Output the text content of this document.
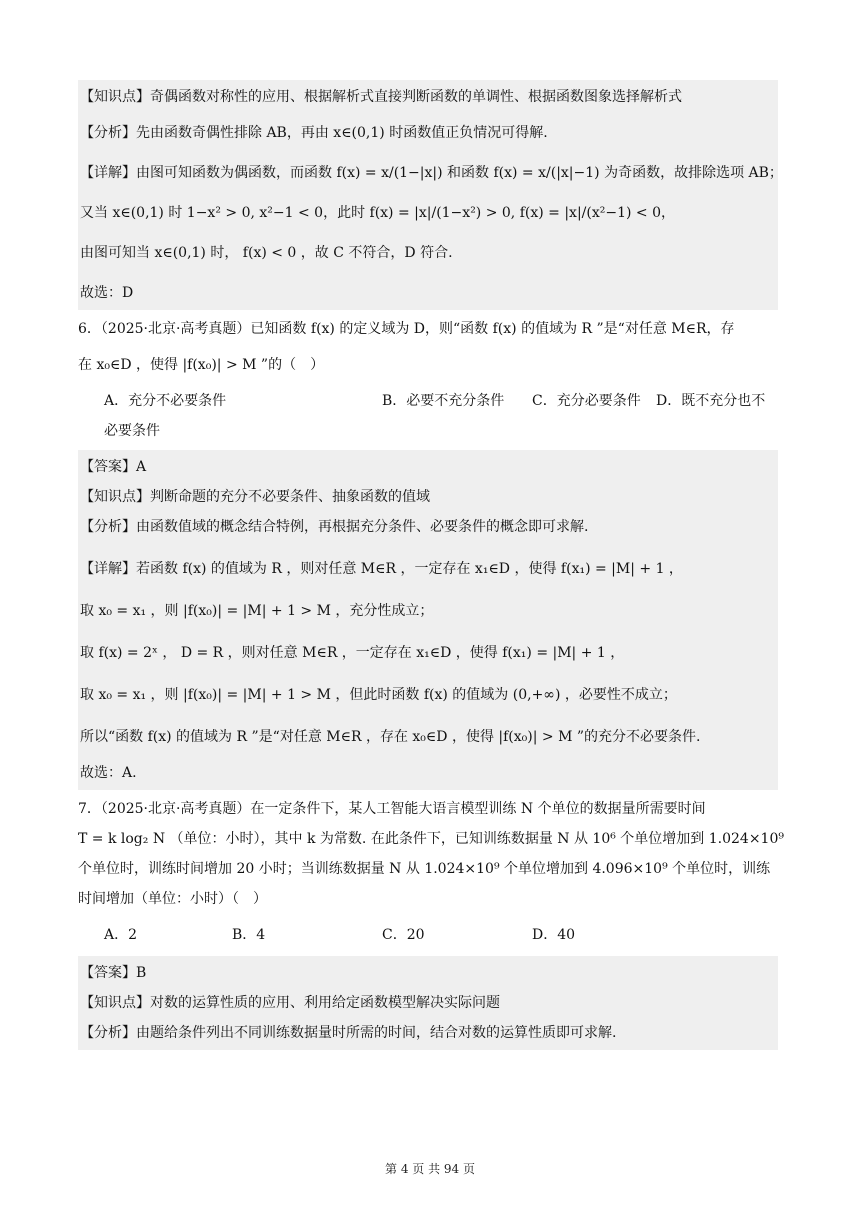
【知识点】奇偶函数对称性的应用、根据解析式直接判断函数的单调性、根据函数图象选择解析式
【分析】先由函数奇偶性排除 AB，再由 x∈(0,1) 时函数值正负情况可得解.
【详解】由图可知函数为偶函数，而函数 f(x) = x/(1−|x|) 和函数 f(x) = x/(|x|−1) 为奇函数，故排除选项 AB；
又当 x∈(0,1) 时 1−x² > 0, x²−1 < 0，此时 f(x) = |x|/(1−x²) > 0, f(x) = |x|/(x²−1) < 0，
由图可知当 x∈(0,1) 时， f(x) < 0 ，故 C 不符合，D 符合.
故选：D
6．（2025·北京·高考真题）已知函数 f(x) 的定义域为 D，则“函数 f(x) 的值域为 R ”是“对任意 M∈R，存
在 x₀∈D ，使得 |f(x₀)| > M ”的（　）
A．充分不必要条件	B．必要不充分条件 C．充分必要条件 D．既不充分也不
必要条件
【答案】A
【知识点】判断命题的充分不必要条件、抽象函数的值域
【分析】由函数值域的概念结合特例，再根据充分条件、必要条件的概念即可求解.
【详解】若函数 f(x) 的值域为 R ，则对任意 M∈R ，一定存在 x₁∈D ，使得 f(x₁) = |M| + 1 ，
取 x₀ = x₁ ，则 |f(x₀)| = |M| + 1 > M ，充分性成立；
取 f(x) = 2ˣ ， D = R ，则对任意 M∈R ，一定存在 x₁∈D ，使得 f(x₁) = |M| + 1 ，
取 x₀ = x₁ ，则 |f(x₀)| = |M| + 1 > M ，但此时函数 f(x) 的值域为 (0,+∞) ，必要性不成立；
所以“函数 f(x) 的值域为 R ”是“对任意 M∈R ，存在 x₀∈D ，使得 |f(x₀)| > M ”的充分不必要条件.
故选：A.
7．（2025·北京·高考真题）在一定条件下，某人工智能大语言模型训练 N 个单位的数据量所需要时间
T = k log₂ N （单位：小时），其中 k 为常数. 在此条件下，已知训练数据量 N 从 10⁶ 个单位增加到 1.024×10⁹
个单位时，训练时间增加 20 小时；当训练数据量 N 从 1.024×10⁹ 个单位增加到 4.096×10⁹ 个单位时，训练
时间增加（单位：小时）（　）
A．2	B．4	C．20	D．40
【答案】B
【知识点】对数的运算性质的应用、利用给定函数模型解决实际问题
【分析】由题给条件列出不同训练数据量时所需的时间，结合对数的运算性质即可求解.
第 4 页 共 94 页
